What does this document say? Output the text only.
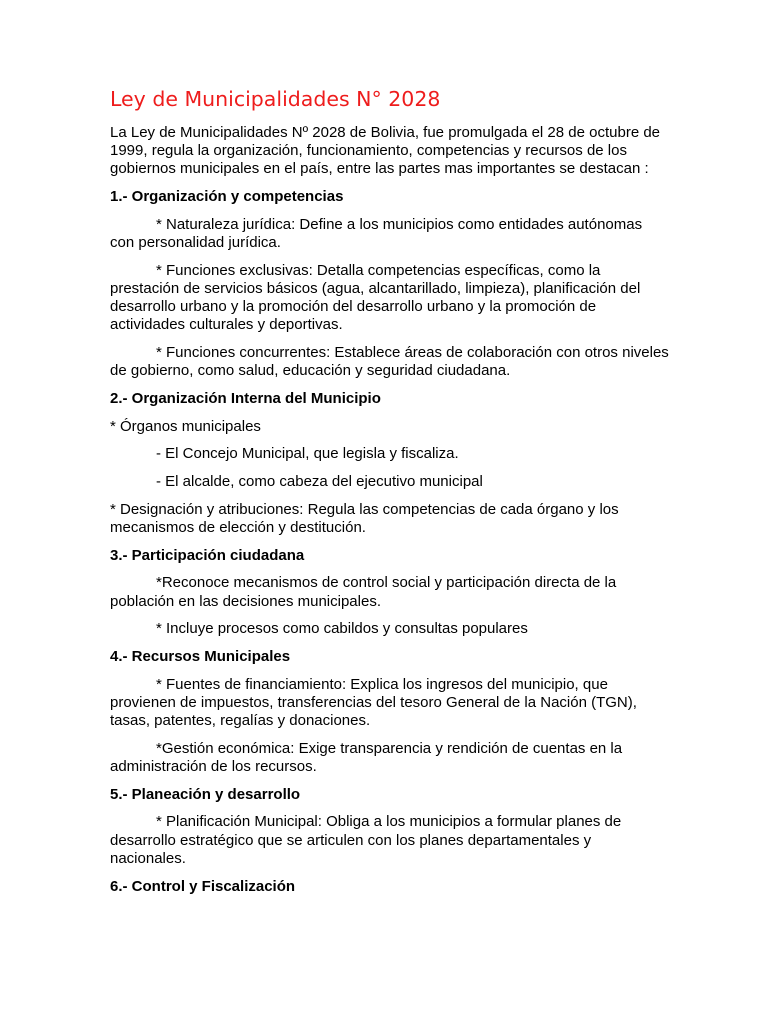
Ley de Municipalidades N° 2028

La Ley de Municipalidades Nº 2028 de Bolivia, fue promulgada el 28 de octubre de 1999, regula la organización, funcionamiento, competencias y recursos de los gobiernos municipales en el país, entre las partes mas importantes se destacan :

1.- Organización y competencias

* Naturaleza jurídica: Define a los municipios como entidades autónomas con personalidad jurídica.

* Funciones exclusivas: Detalla competencias específicas, como la prestación de servicios básicos (agua, alcantarillado, limpieza), planificación del desarrollo urbano y la promoción del desarrollo urbano y la promoción de actividades culturales y deportivas.

* Funciones concurrentes: Establece áreas de colaboración con otros niveles de gobierno, como salud, educación y seguridad ciudadana.

2.- Organización Interna del Municipio

* Órganos municipales

- El Concejo Municipal, que legisla y fiscaliza.

- El alcalde, como cabeza del ejecutivo municipal

* Designación y atribuciones: Regula las competencias de cada órgano y los mecanismos de elección y destitución.

3.- Participación ciudadana

*Reconoce mecanismos de control social y participación directa de la población en las decisiones municipales.

* Incluye procesos como cabildos y consultas populares

4.- Recursos Municipales

* Fuentes de financiamiento: Explica los ingresos del municipio, que provienen de impuestos, transferencias del tesoro General de la Nación (TGN), tasas, patentes, regalías y donaciones.

*Gestión económica: Exige transparencia y rendición de cuentas en la administración de los recursos.

5.- Planeación y desarrollo

* Planificación Municipal: Obliga a los municipios a formular planes de desarrollo estratégico que se articulen con los planes departamentales y nacionales.

6.- Control y Fiscalización
